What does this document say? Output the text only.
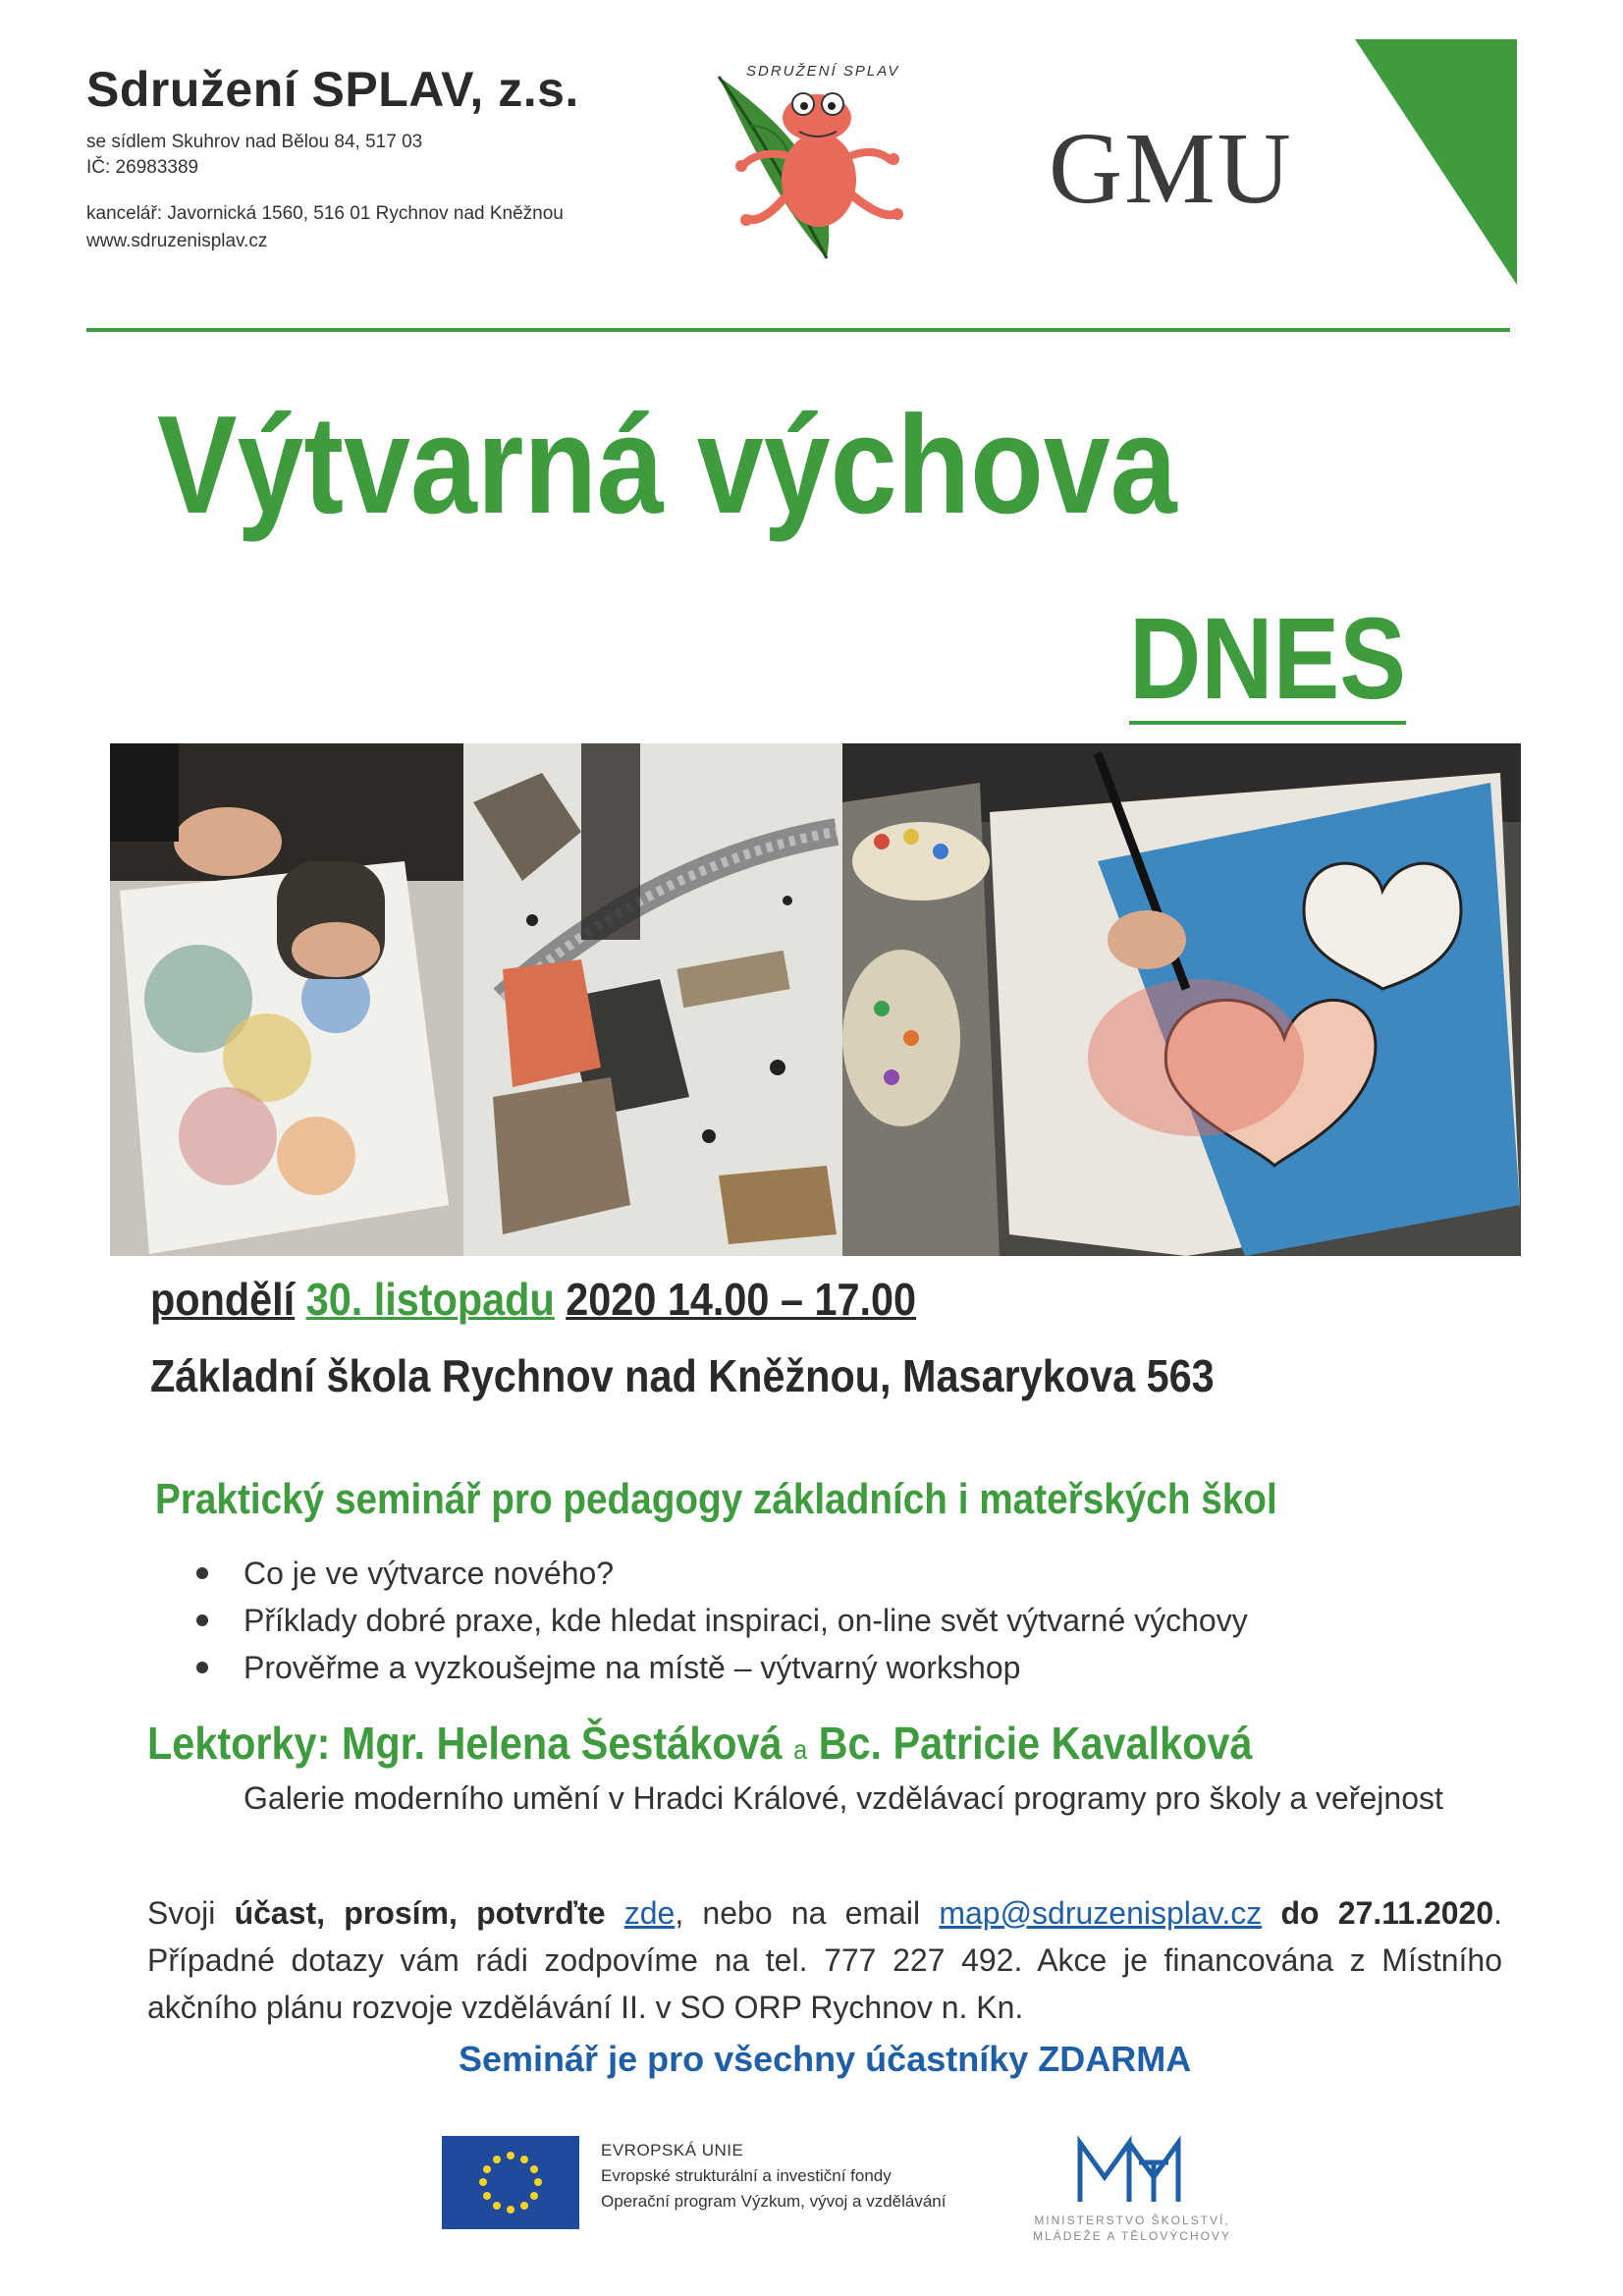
Sdružení SPLAV, z.s.
se sídlem Skuhrov nad Bělou 84, 517 03
IČ: 26983389
kancelář: Javornická 1560, 516 01 Rychnov nad Kněžnou
www.sdruzenisplav.cz
SDRUŽENÍ SPLAV
GMU
Výtvarná výchova
DNES
pondělí 30. listopadu 2020 14.00 – 17.00
Základní škola Rychnov nad Kněžnou, Masarykova 563
Praktický seminář pro pedagogy základních i mateřských škol
Co je ve výtvarce nového?
Příklady dobré praxe, kde hledat inspiraci, on-line svět výtvarné výchovy
Prověřme a vyzkoušejme na místě – výtvarný workshop
Lektorky: Mgr. Helena Šestáková a Bc. Patricie Kavalková
Galerie moderního umění v Hradci Králové, vzdělávací programy pro školy a veřejnost
Svoji účast, prosím, potvrďte zde, nebo na email map@sdruzenisplav.cz do 27.11.2020. Případné dotazy vám rádi zodpovíme na tel. 777 227 492. Akce je financována z Místního akčního plánu rozvoje vzdělávání II. v SO ORP Rychnov n. Kn.
Seminář je pro všechny účastníky ZDARMA
EVROPSKÁ UNIE
Evropské strukturální a investiční fondy
Operační program Výzkum, vývoj a vzdělávání
MINISTERSTVO ŠKOLSTVÍ,
MLÁDEŽE A TĚLOVÝCHOVY
